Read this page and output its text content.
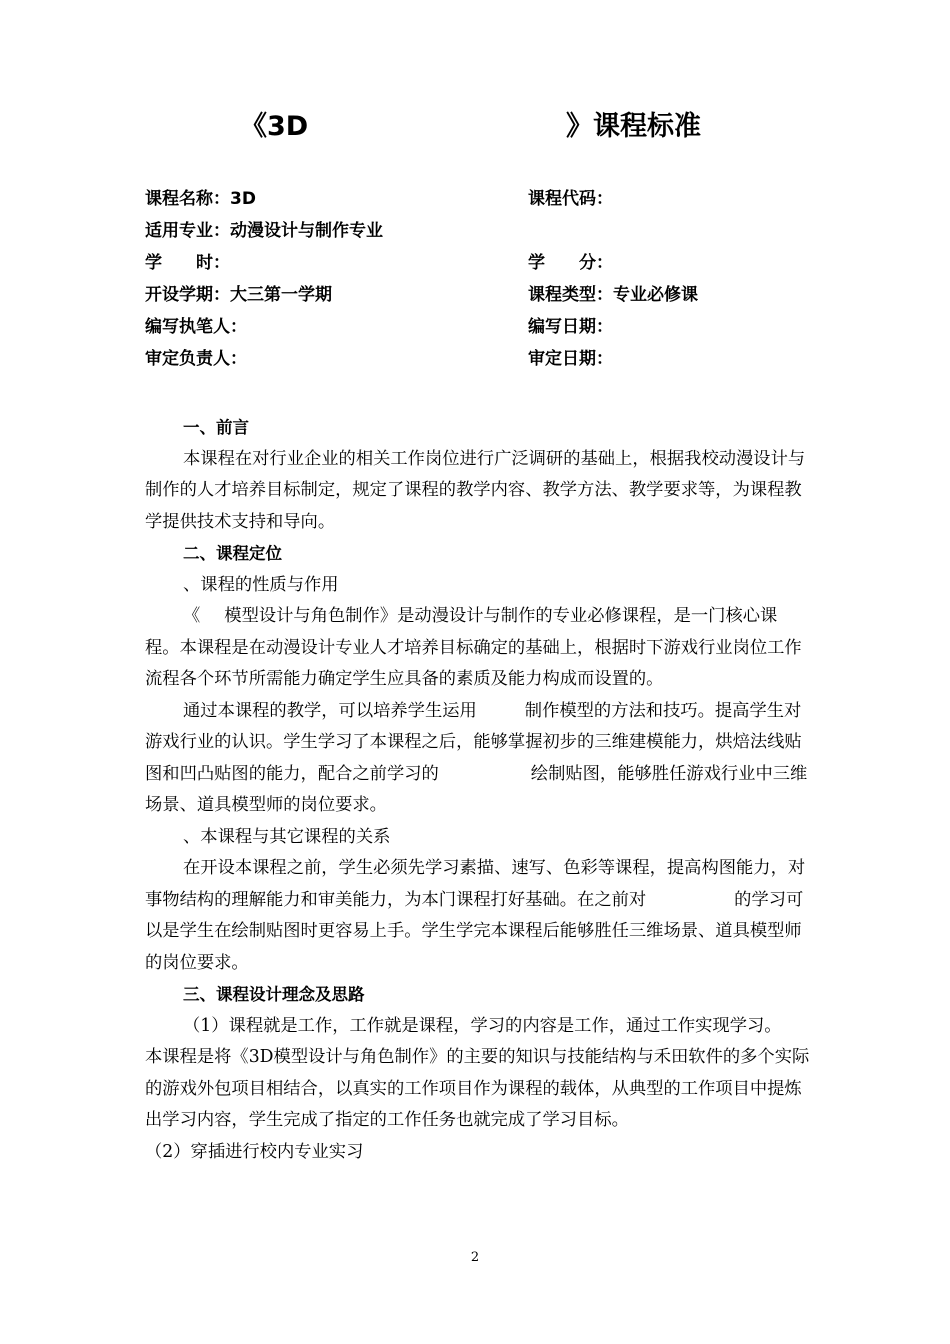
《3D	》课程标准
课程名称：3D	课程代码：
适用专业：动漫设计与制作专业
学　　时：	学　　分：
开设学期：大三第一学期	课程类型：专业必修课
编写执笔人：	编写日期：
审定负责人：	审定日期：

一、前言

本课程在对行业企业的相关工作岗位进行广泛调研的基础上，根据我校动漫设计与制作的人才培养目标制定，规定了课程的教学内容、教学方法、教学要求等，为课程教学提供技术支持和导向。

二、课程定位

、课程的性质与作用

《 模型设计与角色制作》是动漫设计与制作的专业必修课程，是一门核心课程。本课程是在动漫设计专业人才培养目标确定的基础上，根据时下游戏行业岗位工作流程各个环节所需能力确定学生应具备的素质及能力构成而设置的。

通过本课程的教学，可以培养学生运用	制作模型的方法和技巧。提高学生对游戏行业的认识。学生学习了本课程之后，能够掌握初步的三维建模能力，烘焙法线贴图和凹凸贴图的能力，配合之前学习的	绘制贴图，能够胜任游戏行业中三维场景、道具模型师的岗位要求。

、本课程与其它课程的关系

在开设本课程之前，学生必须先学习素描、速写、色彩等课程，提高构图能力，对事物结构的理解能力和审美能力，为本门课程打好基础。在之前对	的学习可以是学生在绘制贴图时更容易上手。学生学完本课程后能够胜任三维场景、道具模型师的岗位要求。

三、课程设计理念及思路

（1）课程就是工作，工作就是课程，学习的内容是工作，通过工作实现学习。

本课程是将《3D模型设计与角色制作》的主要的知识与技能结构与禾田软件的多个实际的游戏外包项目相结合，以真实的工作项目作为课程的载体，从典型的工作项目中提炼出学习内容，学生完成了指定的工作任务也就完成了学习目标。

（2）穿插进行校内专业实习

2
